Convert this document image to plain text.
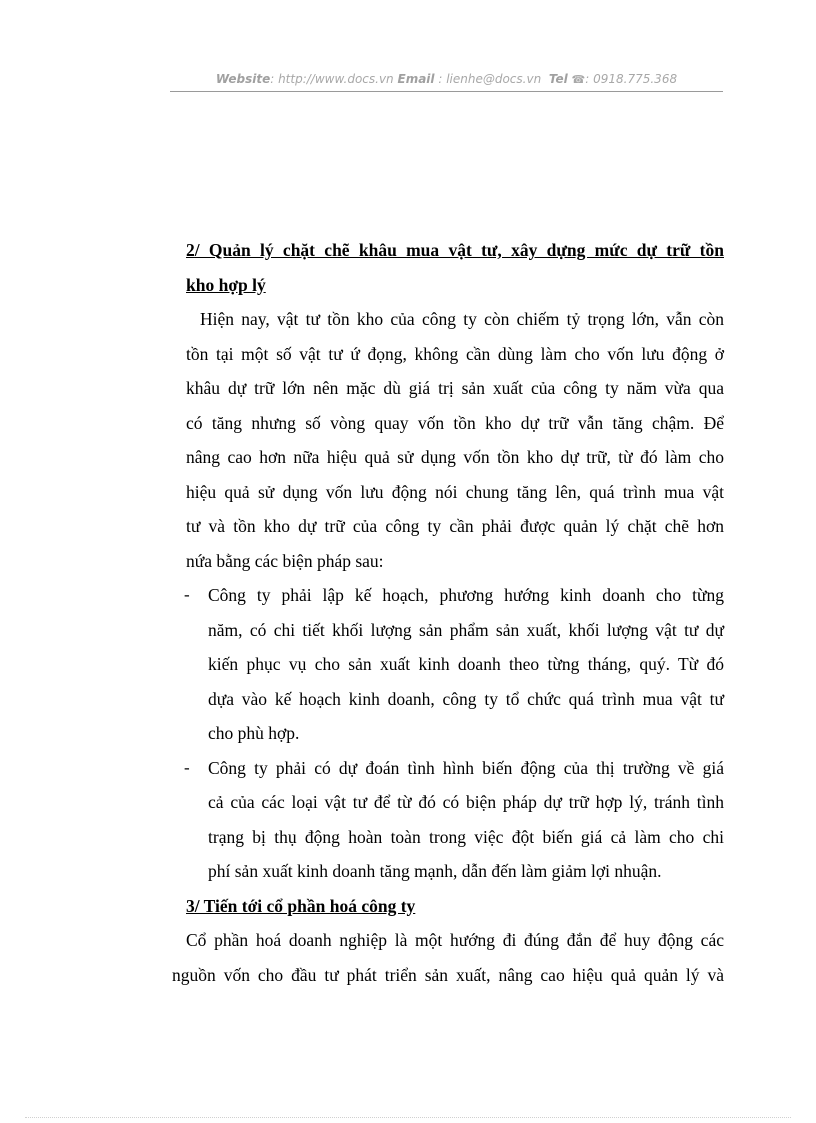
Website: http://www.docs.vn Email : lienhe@docs.vn Tel ☎: 0918.775.368

2/ Quản lý chặt chẽ khâu mua vật tư, xây dựng mức dự trữ tồn

kho hợp lý

Hiện nay, vật tư tồn kho của công ty còn chiếm tỷ trọng lớn, vẫn còn

tồn tại một số vật tư ứ đọng, không cần dùng làm cho vốn lưu động ở

khâu dự trữ lớn nên mặc dù giá trị sản xuất của công ty năm vừa qua

có tăng nhưng số vòng quay vốn tồn kho dự trữ vẫn tăng chậm. Để

nâng cao hơn nữa hiệu quả sử dụng vốn tồn kho dự trữ, từ đó làm cho

hiệu quả sử dụng vốn lưu động nói chung tăng lên, quá trình mua vật

tư và tồn kho dự trữ của công ty cần phải được quản lý chặt chẽ hơn

nứa bằng các biện pháp sau:

- Công ty phải lập kế hoạch, phương hướng kinh doanh cho từng

năm, có chi tiết khối lượng sản phẩm sản xuất, khối lượng vật tư dự

kiến phục vụ cho sản xuất kinh doanh theo từng tháng, quý. Từ đó

dựa vào kế hoạch kinh doanh, công ty tổ chức quá trình mua vật tư

cho phù hợp.

- Công ty phải có dự đoán tình hình biến động của thị trường về giá

cả của các loại vật tư để từ đó có biện pháp dự trữ hợp lý, tránh tình

trạng bị thụ động hoàn toàn trong việc đột biến giá cả làm cho chi

phí sản xuất kinh doanh tăng mạnh, dẫn đến làm giảm lợi nhuận.

3/ Tiến tới cổ phần hoá công ty

Cổ phần hoá doanh nghiệp là một hướng đi đúng đắn để huy động các

nguồn vốn cho đầu tư phát triển sản xuất, nâng cao hiệu quả quản lý và
